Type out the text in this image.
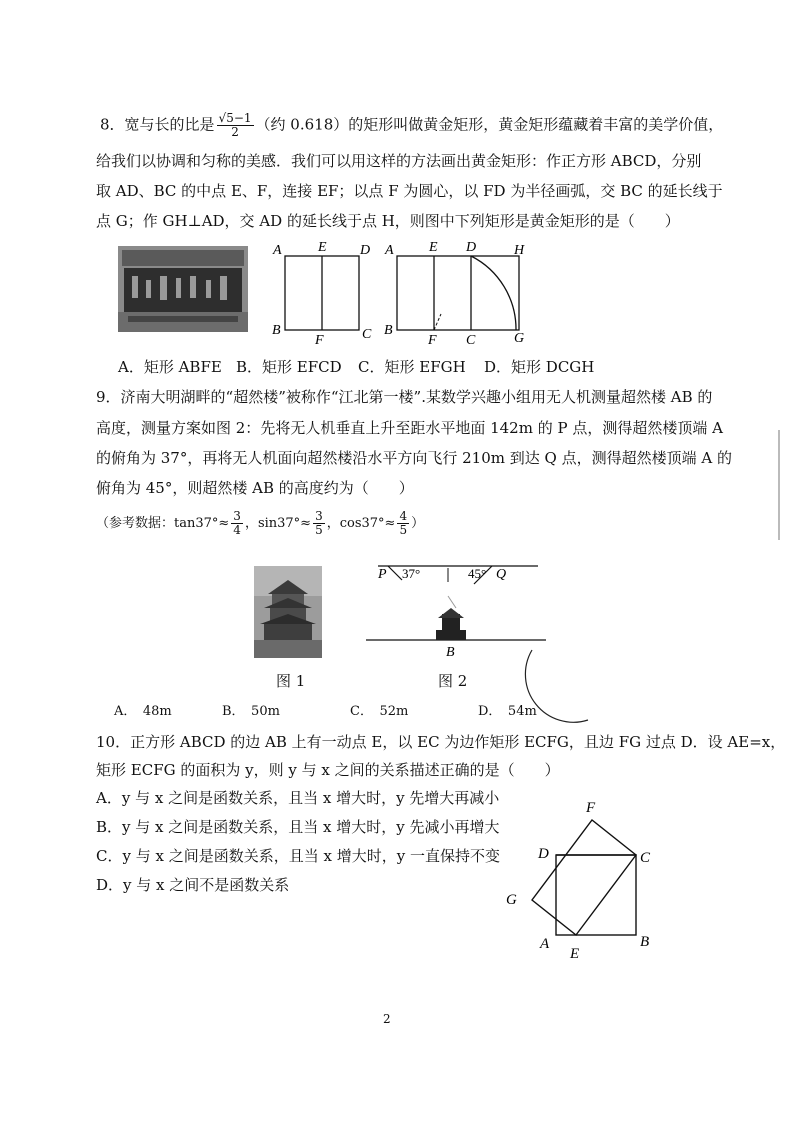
8．宽与长的比是 $\frac{√5-1}{2}$ （约 0.618）的矩形叫做黄金矩形，黄金矩形蕴藏着丰富的美学价值，
给我们以协调和匀称的美感．我们可以用这样的方法画出黄金矩形：作正方形 ABCD，分别
取 AD、BC 的中点 E、F，连接 EF；以点 F 为圆心，以 FD 为半径画弧，交 BC 的延长线于
点 G；作 GH⊥AD，交 AD 的延长线于点 H，则图中下列矩形是黄金矩形的是（　　）
A	E D
B
F	C
A	E D	H
B
F C	G
A．矩形 ABFE B．矩形 EFCD C．矩形 EFGH D．矩形 DCGH
9．济南大明湖畔的“超然楼”被称作“江北第一楼”.某数学兴趣小组用无人机测量超然楼 AB 的
高度，测量方案如图 2：先将无人机垂直上升至距水平地面 142m 的 P 点，测得超然楼顶端 A
的俯角为 37°，再将无人机面向超然楼沿水平方向飞行 210m 到达 Q 点，测得超然楼顶端 A 的
俯角为 45°，则超然楼 AB 的高度约为（　　）
（参考数据：$\tan 37^\circ\approx \frac{3}{4}$ ，$\sin 37^\circ\approx \frac{3}{5}$ ，$\cos 37^\circ\approx \frac{4}{5}$ ）
图 1
P 37°	45° Q
B
图 2
A．　48m	B．　50m	C．　52m	D．　54m
10．正方形 ABCD 的边 AB 上有一动点 E，以 EC 为边作矩形 ECFG，且边 FG 过点 D．设 AE=x，
矩形 ECFG 的面积为 y，则 y 与 x 之间的关系描述正确的是（　　）
A．y 与 x 之间是函数关系，且当 x 增大时，y 先增大再减小
B．y 与 x 之间是函数关系，且当 x 增大时，y 先减小再增大
C．y 与 x 之间是函数关系，且当 x 增大时，y 一直保持不变
D．y 与 x 之间不是函数关系
F
D	C
G
A
E
B
2
